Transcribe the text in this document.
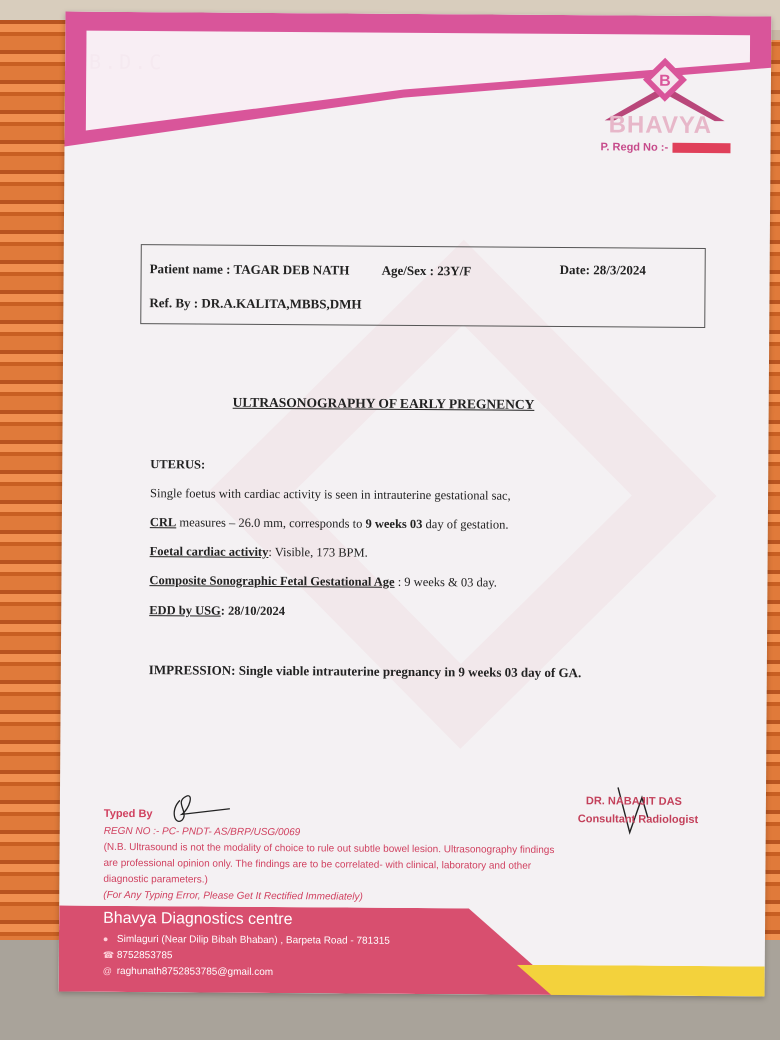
B.D.C
B
BHAVYA
P. Regd No :-
Patient name : TAGAR DEB NATH Age/Sex : 23Y/F	Date: 28/3/2024
Ref. By : DR.A.KALITA,MBBS,DMH
ULTRASONOGRAPHY OF EARLY PREGNENCY
UTERUS:
Single foetus with cardiac activity is seen in intrauterine gestational sac,
CRL measures – 26.0 mm, corresponds to 9 weeks 03 day of gestation.
Foetal cardiac activity: Visible, 173 BPM.
Composite Sonographic Fetal Gestational Age : 9 weeks & 03 day.
EDD by USG: 28/10/2024
IMPRESSION: Single viable intrauterine pregnancy in 9 weeks 03 day of GA.
DR. NABAJIT DAS
Consultant Radiologist
Typed By
REGN NO :- PC- PNDT- AS/BRP/USG/0069
(N.B. Ultrasound is not the modality of choice to rule out subtle bowel lesion. Ultrasonography findings
are professional opinion only. The findings are to be correlated- with clinical, laboratory and other
diagnostic parameters.)
(For Any Typing Error, Please Get It Rectified Immediately)
Bhavya Diagnostics centre
● Simlaguri (Near Dilip Bibah Bhaban) , Barpeta Road - 781315
☎ 8752853785
@ raghunath8752853785@gmail.com
